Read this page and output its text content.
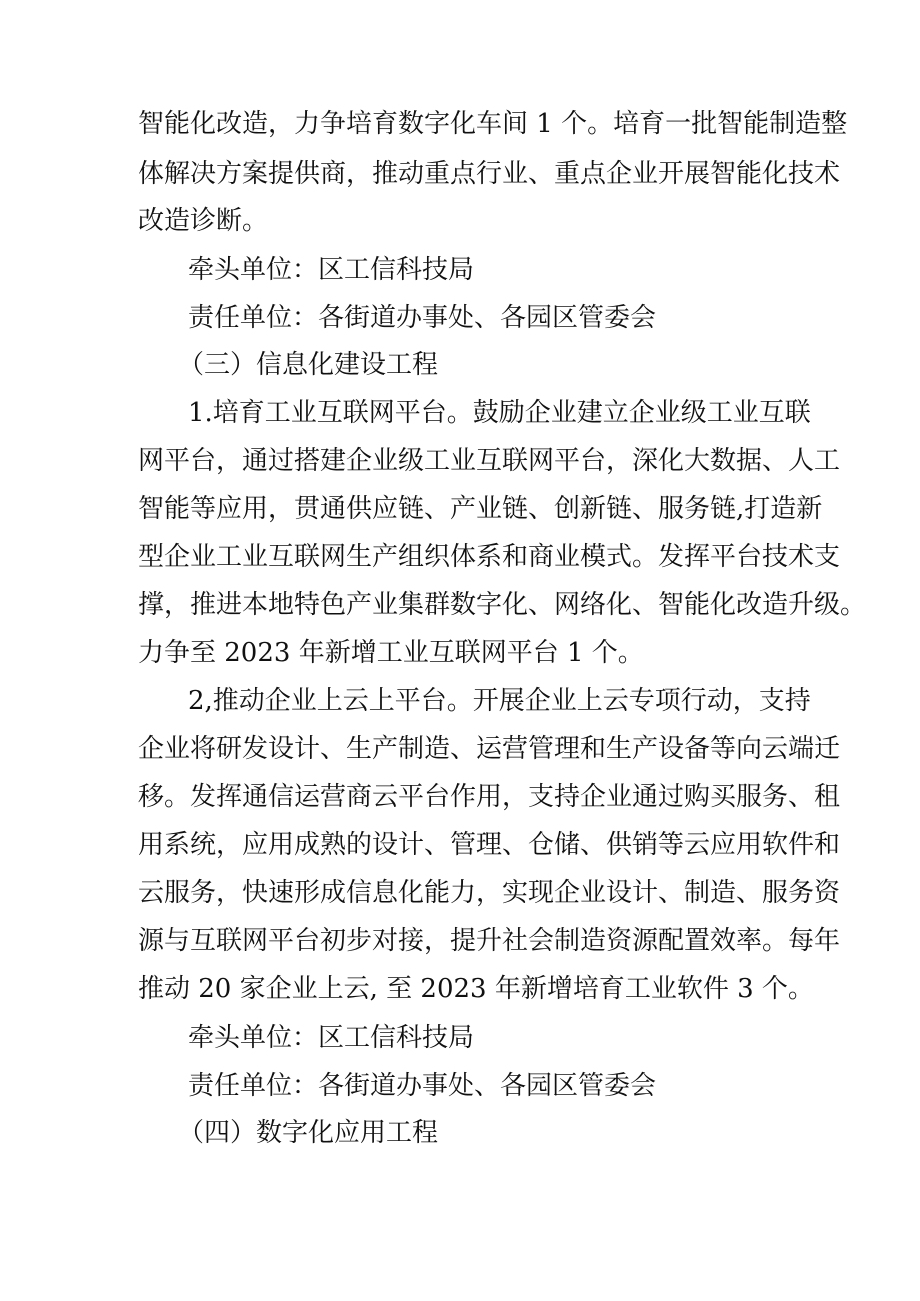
智能化改造，力争培育数字化车间 1 个。培育一批智能制造整
体解决方案提供商，推动重点行业、重点企业开展智能化技术
改造诊断。
牵头单位：区工信科技局
责任单位：各街道办事处、各园区管委会
（三）信息化建设工程
1.培育工业互联网平台。鼓励企业建立企业级工业互联
网平台，通过搭建企业级工业互联网平台，深化大数据、人工
智能等应用，贯通供应链、产业链、创新链、服务链,打造新
型企业工业互联网生产组织体系和商业模式。发挥平台技术支
撑，推进本地特色产业集群数字化、网络化、智能化改造升级。
力争至 2023 年新增工业互联网平台 1 个。
2,推动企业上云上平台。开展企业上云专项行动，支持
企业将研发设计、生产制造、运营管理和生产设备等向云端迁
移。发挥通信运营商云平台作用，支持企业通过购买服务、租
用系统，应用成熟的设计、管理、仓储、供销等云应用软件和
云服务，快速形成信息化能力，实现企业设计、制造、服务资
源与互联网平台初步对接，提升社会制造资源配置效率。每年
推动 20 家企业上云, 至 2023 年新增培育工业软件 3 个。
牵头单位：区工信科技局
责任单位：各街道办事处、各园区管委会
（四）数字化应用工程
